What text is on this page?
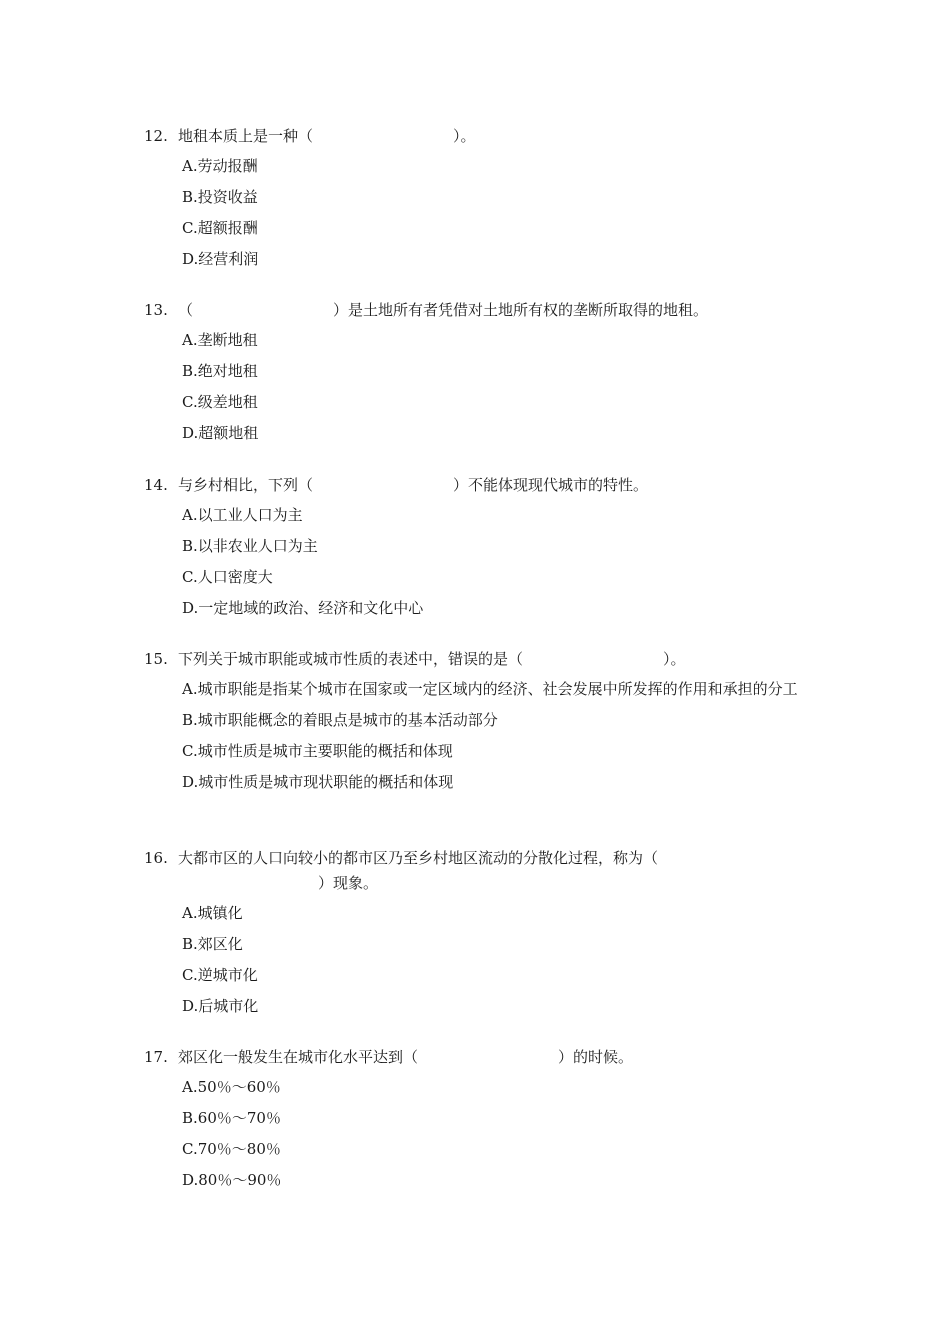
12. 地租本质上是一种（	）。
A.劳动报酬
B.投资收益
C.超额报酬
D.经营利润
13. （	）是土地所有者凭借对土地所有权的垄断所取得的地租。
A.垄断地租
B.绝对地租
C.级差地租
D.超额地租
14. 与乡村相比，下列（	）不能体现现代城市的特性。
A.以工业人口为主
B.以非农业人口为主
C.人口密度大
D.一定地域的政治、经济和文化中心
15. 下列关于城市职能或城市性质的表述中，错误的是（	）。
A.城市职能是指某个城市在国家或一定区域内的经济、社会发展中所发挥的作用和承担的分工
B.城市职能概念的着眼点是城市的基本活动部分
C.城市性质是城市主要职能的概括和体现
D.城市性质是城市现状职能的概括和体现
16. 大都市区的人口向较小的都市区乃至乡村地区流动的分散化过程，称为（）现象。
A.城镇化
B.郊区化
C.逆城市化
D.后城市化
17. 郊区化一般发生在城市化水平达到（	）的时候。
A.50％～60％
B.60％～70％
C.70％～80％
D.80％～90％
